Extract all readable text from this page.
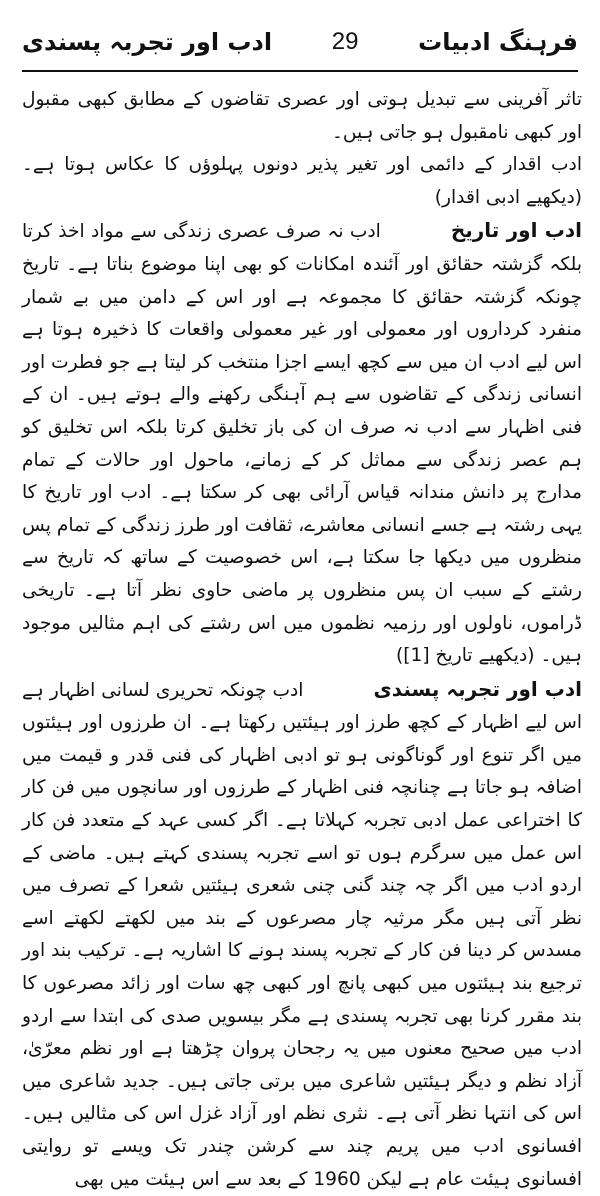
فرہنگ ادبیات
29
ادب اور تجربہ پسندی

تاثر آفرینی سے تبدیل ہوتی اور عصری تقاضوں کے مطابق کبھی مقبول اور کبھی نامقبول ہو جاتی ہیں۔

ادب اقدار کے دائمی اور تغیر پذیر دونوں پہلوؤں کا عکاس ہوتا ہے۔ (دیکھیے ادبی اقدار)

ادب اور تاریخادب نہ صرف عصری زندگی سے مواد اخذ کرتا بلکہ گزشتہ حقائق اور آئندہ امکانات کو بھی اپنا موضوع بناتا ہے۔ تاریخ چونکہ گزشتہ حقائق کا مجموعہ ہے اور اس کے دامن میں بے شمار منفرد کرداروں اور معمولی اور غیر معمولی واقعات کا ذخیرہ ہوتا ہے اس لیے ادب ان میں سے کچھ ایسے اجزا منتخب کر لیتا ہے جو فطرت اور انسانی زندگی کے تقاضوں سے ہم آہنگی رکھنے والے ہوتے ہیں۔ ان کے فنی اظہار سے ادب نہ صرف ان کی باز تخلیق کرتا بلکہ اس تخلیق کو ہم عصر زندگی سے مماثل کر کے زمانے، ماحول اور حالات کے تمام مدارج پر دانش مندانہ قیاس آرائی بھی کر سکتا ہے۔ ادب اور تاریخ کا یہی رشتہ ہے جسے انسانی معاشرے، ثقافت اور طرز زندگی کے تمام پس منظروں میں دیکھا جا سکتا ہے، اس خصوصیت کے ساتھ کہ تاریخ سے رشتے کے سبب ان پس منظروں پر ماضی حاوی نظر آتا ہے۔ تاریخی ڈراموں، ناولوں اور رزمیہ نظموں میں اس رشتے کی اہم مثالیں موجود ہیں۔ (دیکھیے تاریخ [1])

ادب اور تجربہ پسندیادب چونکہ تحریری لسانی اظہار ہے اس لیے اظہار کے کچھ طرز اور ہیئتیں رکھتا ہے۔ ان طرزوں اور ہیئتوں میں اگر تنوع اور گوناگونی ہو تو ادبی اظہار کی فنی قدر و قیمت میں اضافہ ہو جاتا ہے چنانچہ فنی اظہار کے طرزوں اور سانچوں میں فن کار کا اختراعی عمل ادبی تجربہ کہلاتا ہے۔ اگر کسی عہد کے متعدد فن کار اس عمل میں سرگرم ہوں تو اسے تجربہ پسندی کہتے ہیں۔ ماضی کے اردو ادب میں اگر چہ چند گنی چنی شعری ہیئتیں شعرا کے تصرف میں نظر آتی ہیں مگر مرثیہ چار مصرعوں کے بند میں لکھتے لکھتے اسے مسدس کر دینا فن کار کے تجربہ پسند ہونے کا اشاریہ ہے۔ ترکیب بند اور ترجیع بند ہیئتوں میں کبھی پانچ اور کبھی چھ سات اور زائد مصرعوں کا بند مقرر کرنا بھی تجربہ پسندی ہے مگر بیسویں صدی کی ابتدا سے اردو ادب میں صحیح معنوں میں یہ رجحان پروان چڑھتا ہے اور نظم معرّیٰ، آزاد نظم و دیگر ہیئتیں شاعری میں برتی جاتی ہیں۔ جدید شاعری میں اس کی انتہا نظر آتی ہے۔ نثری نظم اور آزاد غزل اس کی مثالیں ہیں۔ افسانوی ادب میں پریم چند سے کرشن چندر تک ویسے تو روایتی افسانوی ہیئت عام ہے لیکن 1960 کے بعد سے اس ہیئت میں بھی
